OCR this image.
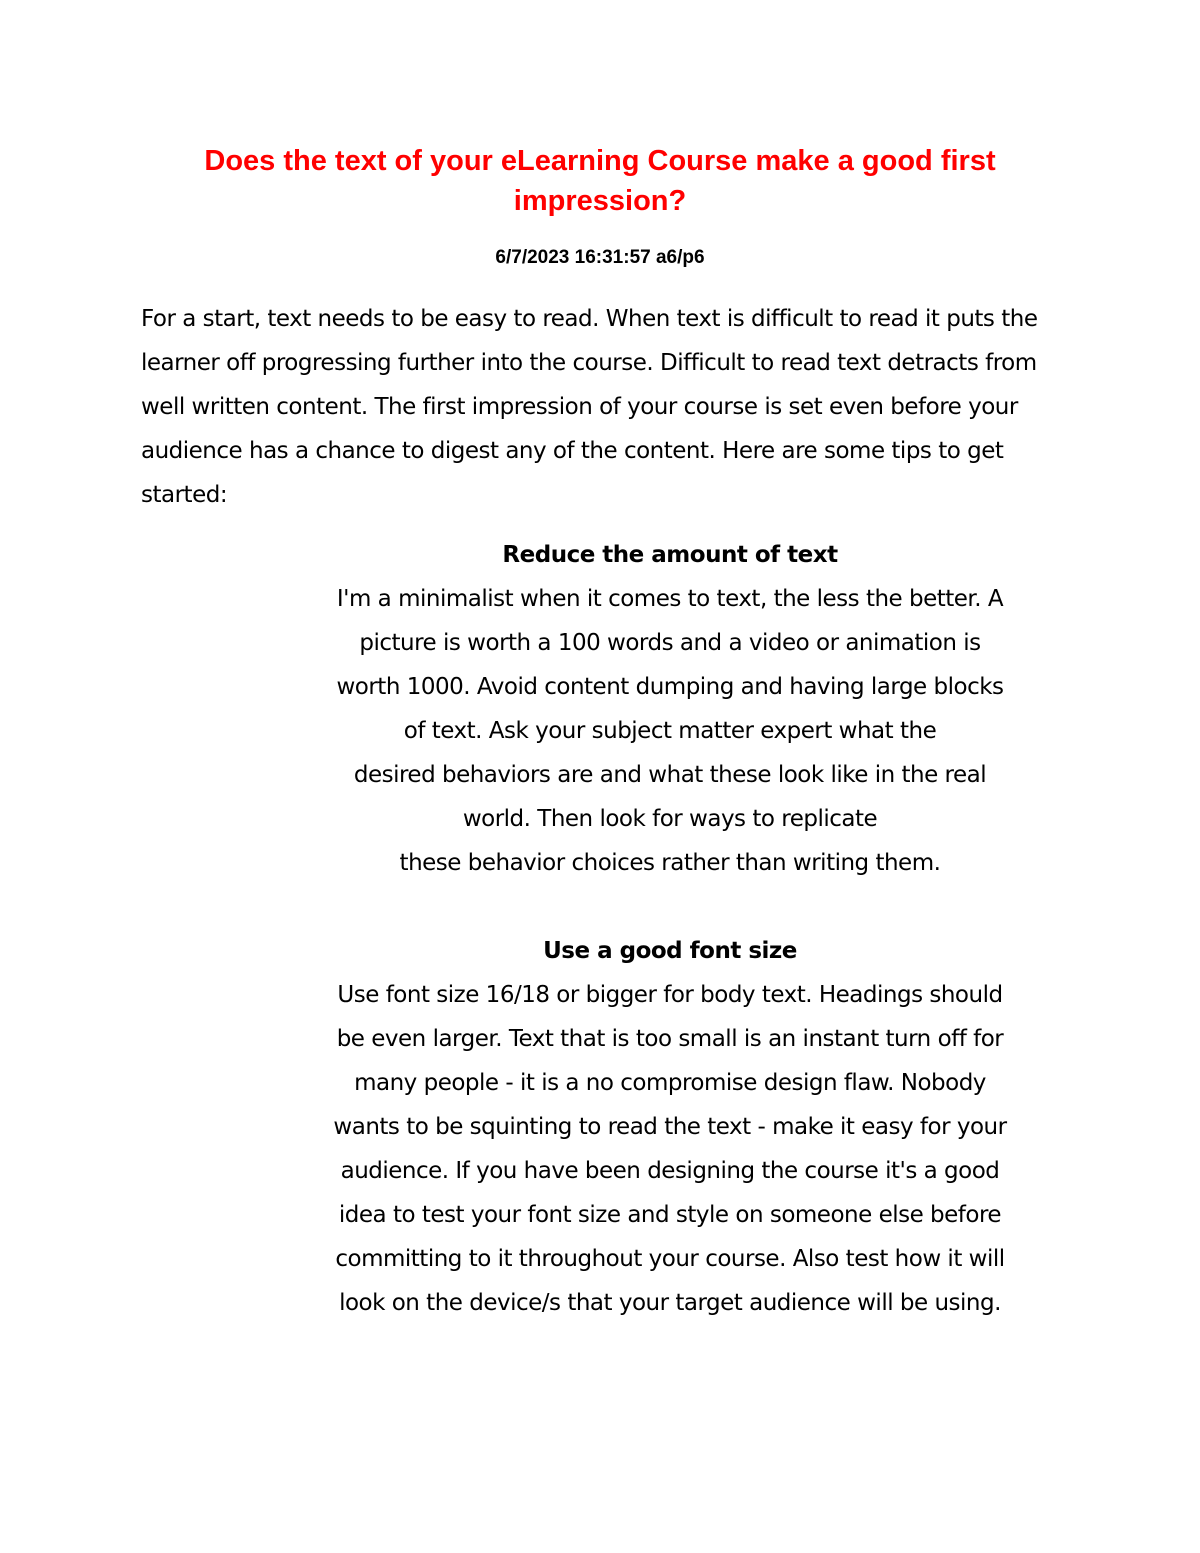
Does the text of your eLearning Course make a good first impression?
6/7/2023 16:31:57 a6/p6

For a start, text needs to be easy to read. When text is difficult to read it puts the learner off progressing further into the course. Difficult to read text detracts from well written content. The first impression of your course is set even before your audience has a chance to digest any of the content. Here are some tips to get started:

Reduce the amount of text

I'm a minimalist when it comes to text, the less the better. A

picture is worth a 100 words and a video or animation is

worth 1000. Avoid content dumping and having large blocks

of text. Ask your subject matter expert what the

desired behaviors are and what these look like in the real

world. Then look for ways to replicate

these behavior choices rather than writing them.

Use a good font size

Use font size 16/18 or bigger for body text. Headings should

be even larger. Text that is too small is an instant turn off for

many people - it is a no compromise design flaw. Nobody

wants to be squinting to read the text - make it easy for your

audience. If you have been designing the course it's a good

idea to test your font size and style on someone else before

committing to it throughout your course. Also test how it will

look on the device/s that your target audience will be using.
